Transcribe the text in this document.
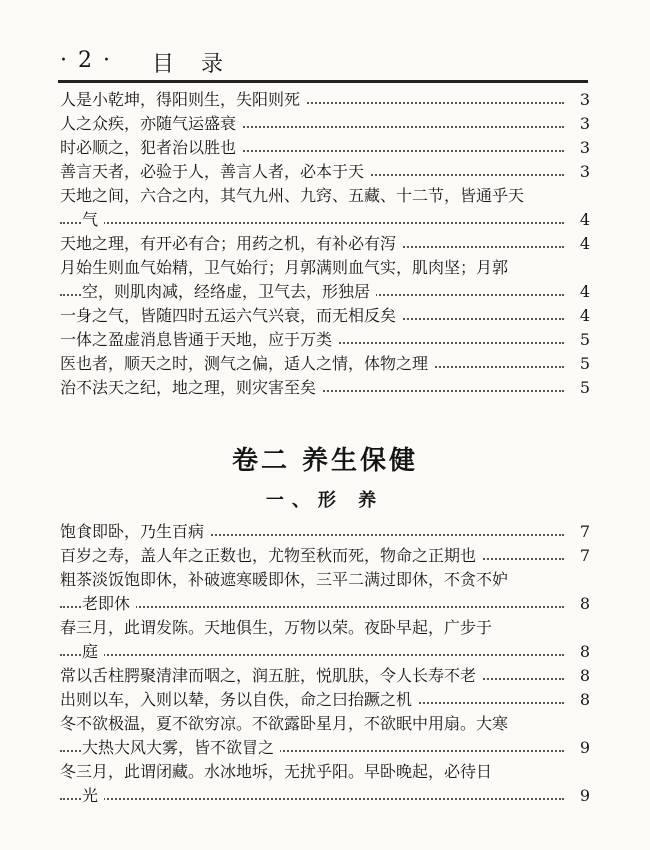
· 2 · 目 录
人是小乾坤，得阳则生，失阳则死	3
人之众疾，亦随气运盛衰	3
时必顺之，犯者治以胜也	3
善言天者，必验于人，善言人者，必本于天	3
天地之间，六合之内，其气九州、九窍、五藏、十二节，皆通乎天
气	4
天地之理，有开必有合；用药之机，有补必有泻	4
月始生则血气始精，卫气始行；月郭满则血气实，肌肉坚；月郭
空，则肌肉减，经络虚，卫气去，形独居	4
一身之气，皆随四时五运六气兴衰，而无相反矣	4
一体之盈虚消息皆通于天地，应于万类	5
医也者，顺天之时，测气之偏，适人之情，体物之理	5
治不法天之纪，地之理，则灾害至矣	5
卷二 养生保健
一、形 养
饱食即卧，乃生百病	7
百岁之寿，盖人年之正数也，尤物至秋而死，物命之正期也	7
粗茶淡饭饱即休，补破遮寒暖即休，三平二满过即休，不贪不妒
老即休	8
春三月，此谓发陈。天地俱生，万物以荣。夜卧早起，广步于
庭	8
常以舌柱腭聚清津而咽之，润五脏，悦肌肤，令人长寿不老	8
出则以车，入则以辇，务以自佚，命之曰抬蹶之机	8
冬不欲极温，夏不欲穷凉。不欲露卧星月，不欲眠中用扇。大寒
大热大风大雾，皆不欲冒之	9
冬三月，此谓闭藏。水冰地坼，无扰乎阳。早卧晚起，必待日
光	9
